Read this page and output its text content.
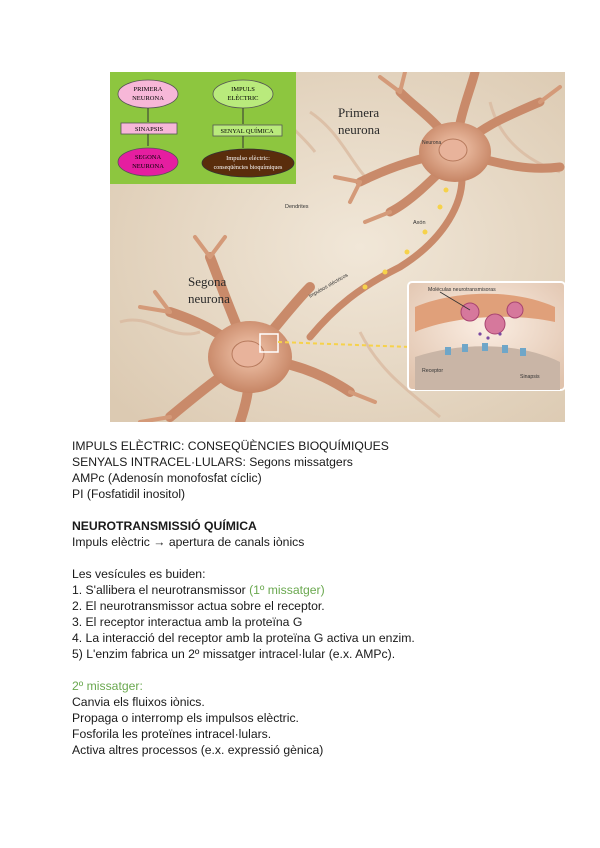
PRIMERA
NEURONA
SINAPSIS
SEGONA
NEURONA
IMPULS
ELÈCTRIC
SENYAL QUÍMICA
Impulso elèctric:
conseqüències bioquímiques
Primera
neurona
Segona
neurona
Neurona
Dendrites
Axón
Impulsos eléctricos	Moléculas neurotransmisoras
Receptor
Sinapsis
IMPULS ELÈCTRIC: CONSEQÜÈNCIES BIOQUÍMIQUES
SENYALS INTRACEL·LULARS: Segons missatgers
AMPc (Adenosín monofosfat cíclic)
PI (Fosfatidil inositol)
NEUROTRANSMISSIÓ QUÍMICA
Impuls elèctric → apertura de canals iònics
Les vesícules es buiden:
1. S'allibera el neurotransmissor (1º missatger)
2. El neurotransmissor actua sobre el receptor.
3. El receptor interactua amb la proteïna G
4. La interacció del receptor amb la proteïna G activa un enzim.
5) L'enzim fabrica un 2º missatger intracel·lular (e.x. AMPc).
2º missatger:
Canvia els fluixos iònics.
Propaga o interromp els impulsos elèctric.
Fosforila les proteïnes intracel·lulars.
Activa altres processos (e.x. expressió gènica)
